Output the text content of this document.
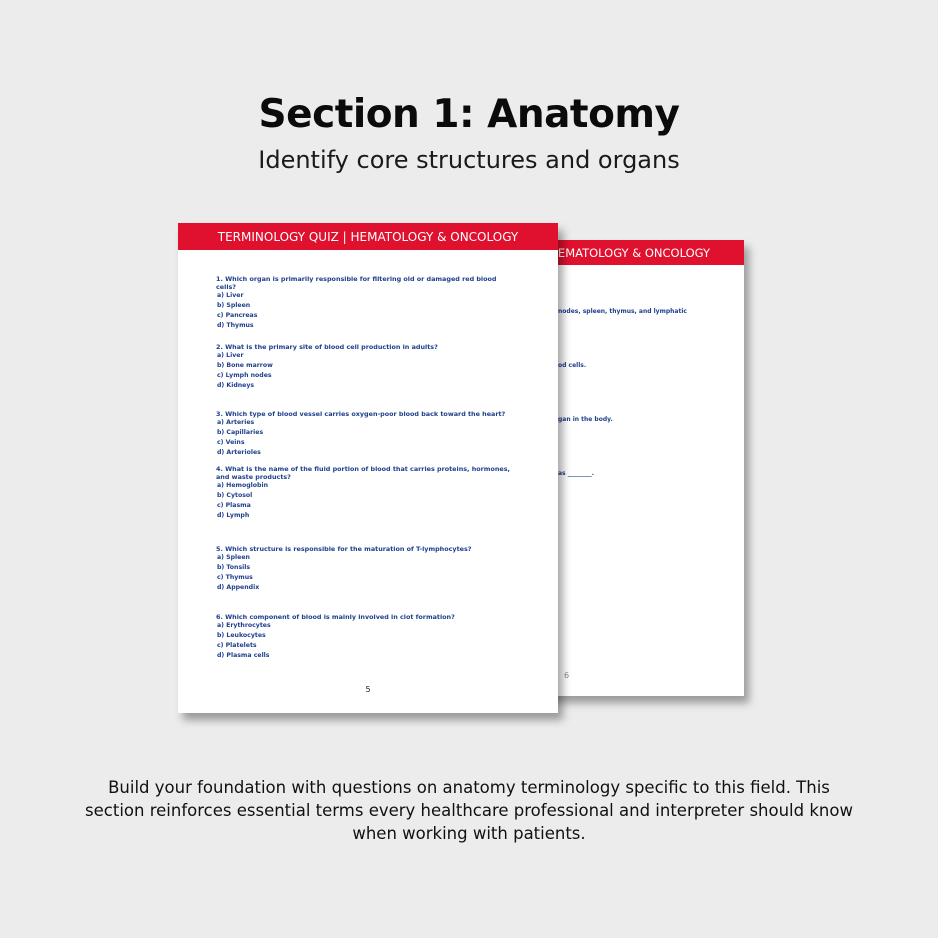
Section 1: Anatomy
Identify core structures and organs
EMATOLOGY & ONCOLOGY
nodes, spleen, thymus, and lymphatic
od cells.
gan in the body.
as ________.
6
TERMINOLOGY QUIZ | HEMATOLOGY & ONCOLOGY
1. Which organ is primarily responsible for filtering old or damaged red blood cells?
a) Liver
b) Spleen
c) Pancreas
d) Thymus
2. What is the primary site of blood cell production in adults?
a) Liver
b) Bone marrow
c) Lymph nodes
d) Kidneys
3. Which type of blood vessel carries oxygen-poor blood back toward the heart?
a) Arteries
b) Capillaries
c) Veins
d) Arterioles
4. What is the name of the fluid portion of blood that carries proteins, hormones, and waste products?
a) Hemoglobin
b) Cytosol
c) Plasma
d) Lymph
5. Which structure is responsible for the maturation of T-lymphocytes?
a) Spleen
b) Tonsils
c) Thymus
d) Appendix
6. Which component of blood is mainly involved in clot formation?
a) Erythrocytes
b) Leukocytes
c) Platelets
d) Plasma cells
5
Build your foundation with questions on anatomy terminology specific to this field. This section reinforces essential terms every healthcare professional and interpreter should know when working with patients.
